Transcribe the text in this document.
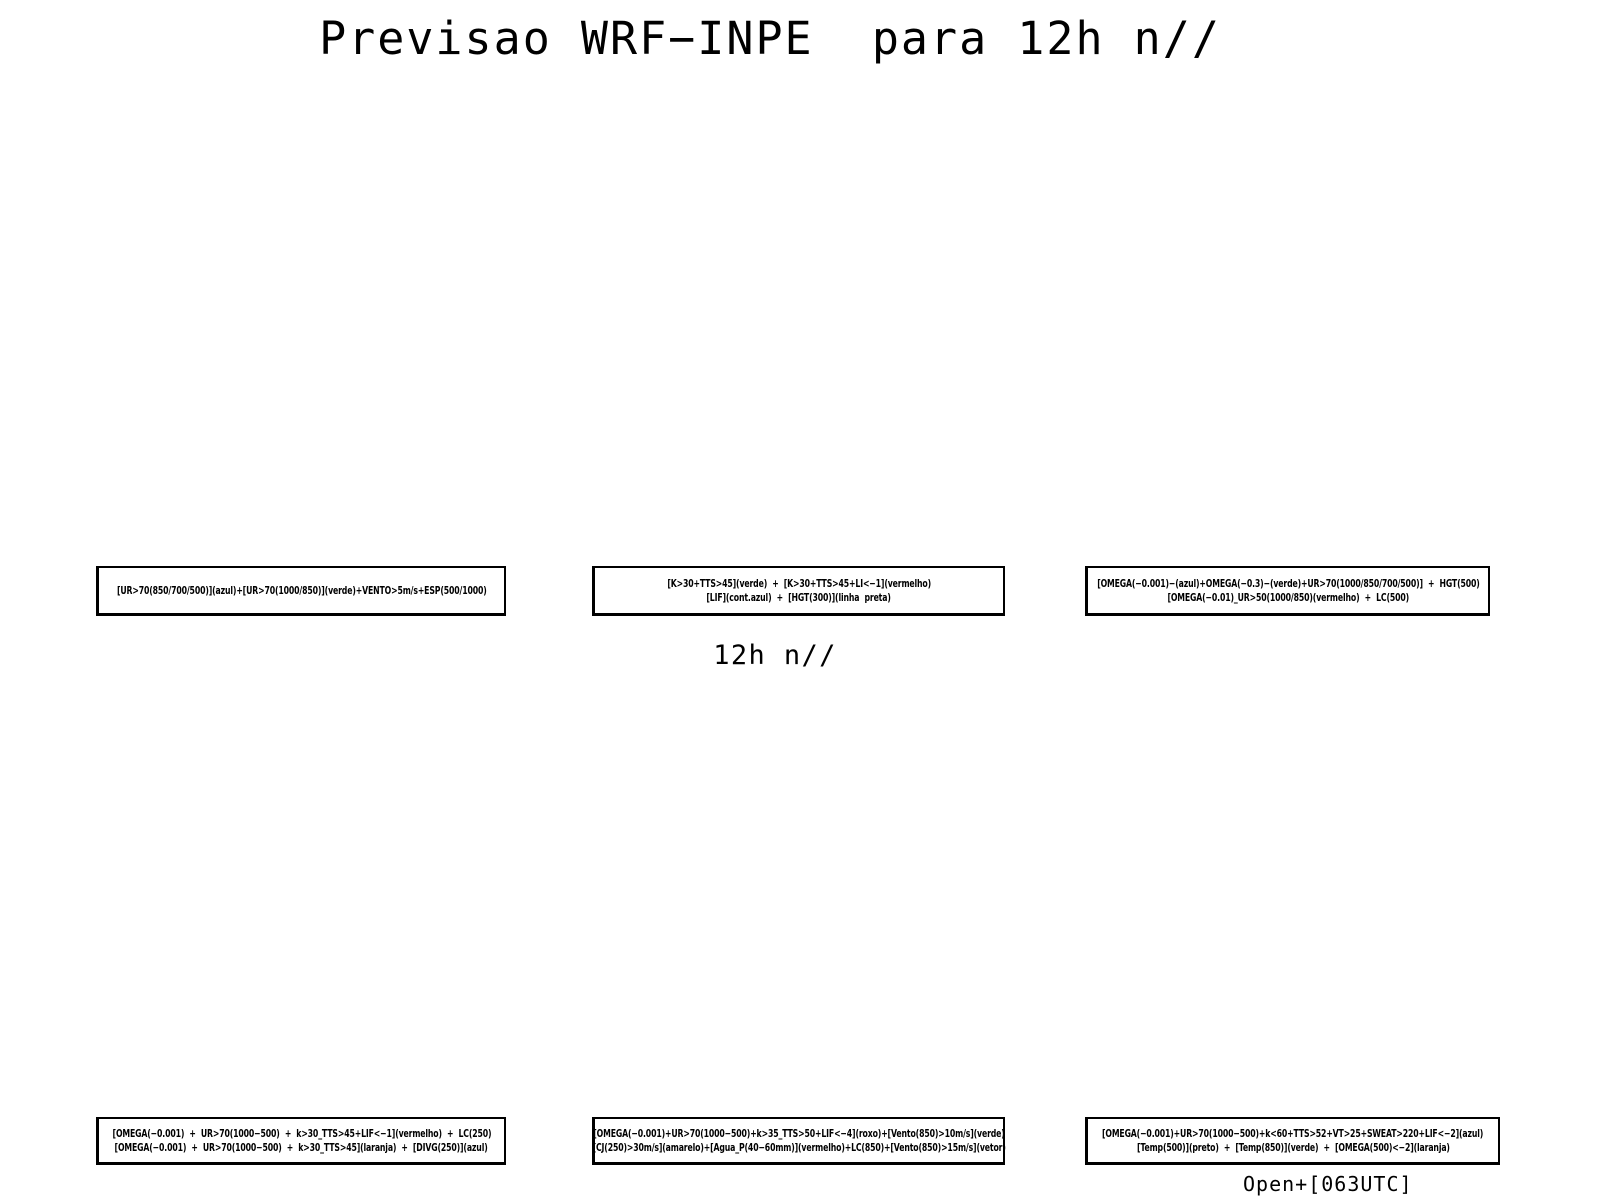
Previsao WRF−INPE  para 12h n//
[UR>70(850/700/500)](azul)+[UR>70(1000/850)](verde)+VENTO>5m/s+ESP(500/1000)
[K>30+TTS>45](verde)  +  [K>30+TTS>45+LI<−1](vermelho)
[LIF](cont.azul)  +  [HGT(300)](linha  preta)
[OMEGA(−0.001)−(azul)+OMEGA(−0.3)−(verde)+UR>70(1000/850/700/500)]  +  HGT(500)
[OMEGA(−0.01)_UR>50(1000/850)(vermelho)  +  LC(500)
12h n//
[OMEGA(−0.001)  +  UR>70(1000−500)  +  k>30_TTS>45+LIF<−1](vermelho)  +  LC(250)
[OMEGA(−0.001)  +  UR>70(1000−500)  +  k>30_TTS>45](laranja)  +  [DIVG(250)](azul)
[OMEGA(−0.001)+UR>70(1000−500)+k>35_TTS>50+LIF<−4](roxo)+[Vento(850)>10m/s](verde)
[CJ(250)>30m/s](amarelo)+[Agua_P(40−60mm)](vermelho)+LC(850)+[Vento(850)>15m/s](vetor)
[OMEGA(−0.001)+UR>70(1000−500)+k<60+TTS>52+VT>25+SWEAT>220+LIF<−2](azul)
[Temp(500)](preto)  +  [Temp(850)](verde)  +  [OMEGA(500)<−2](laranja)
Open+[063UTC]
